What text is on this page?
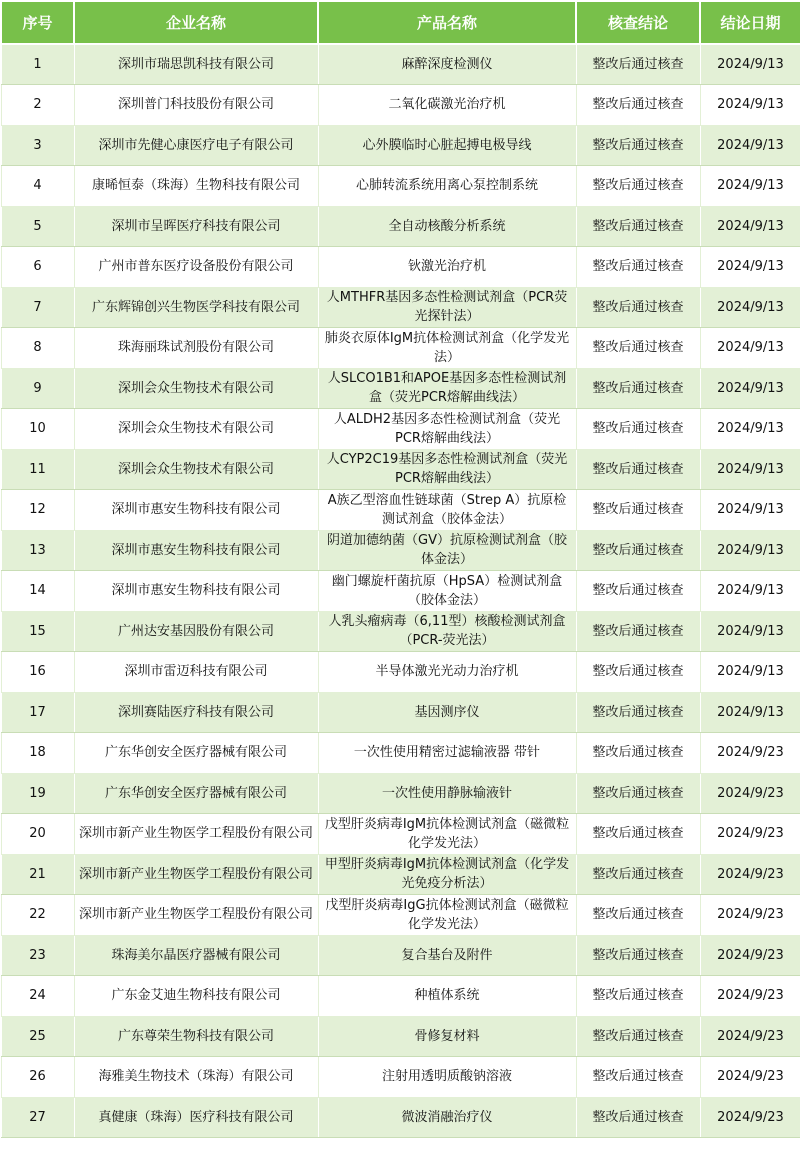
序号	企业名称	产品名称	核查结论	结论日期
1	深圳市瑞思凯科技有限公司	麻醉深度检测仪	整改后通过核查	2024/9/13
2	深圳普门科技股份有限公司	二氧化碳激光治疗机	整改后通过核查	2024/9/13
3	深圳市先健心康医疗电子有限公司	心外膜临时心脏起搏电极导线	整改后通过核查	2024/9/13
4	康晞恒泰（珠海）生物科技有限公司	心肺转流系统用离心泵控制系统	整改后通过核查	2024/9/13
5	深圳市呈晖医疗科技有限公司	全自动核酸分析系统	整改后通过核查	2024/9/13
6	广州市普东医疗设备股份有限公司	钬激光治疗机	整改后通过核查	2024/9/13
7	广东辉锦创兴生物医学科技有限公司	人MTHFR基因多态性检测试剂盒（PCR荧光探针法）	整改后通过核查	2024/9/13
8	珠海丽珠试剂股份有限公司	肺炎衣原体IgM抗体检测试剂盒（化学发光法）	整改后通过核查	2024/9/13
9	深圳会众生物技术有限公司	人SLCO1B1和APOE基因多态性检测试剂盒（荧光PCR熔解曲线法）	整改后通过核查	2024/9/13
10	深圳会众生物技术有限公司	人ALDH2基因多态性检测试剂盒（荧光PCR熔解曲线法）	整改后通过核查	2024/9/13
11	深圳会众生物技术有限公司	人CYP2C19基因多态性检测试剂盒（荧光PCR熔解曲线法）	整改后通过核查	2024/9/13
12	深圳市惠安生物科技有限公司	A族乙型溶血性链球菌（Strep A）抗原检测试剂盒（胶体金法）	整改后通过核查	2024/9/13
13	深圳市惠安生物科技有限公司	阴道加德纳菌（GV）抗原检测试剂盒（胶体金法）	整改后通过核查	2024/9/13
14	深圳市惠安生物科技有限公司	幽门螺旋杆菌抗原（HpSA）检测试剂盒（胶体金法）	整改后通过核查	2024/9/13
15	广州达安基因股份有限公司	人乳头瘤病毒（6,11型）核酸检测试剂盒（PCR-荧光法）	整改后通过核查	2024/9/13
16	深圳市雷迈科技有限公司	半导体激光光动力治疗机	整改后通过核查	2024/9/13
17	深圳赛陆医疗科技有限公司	基因测序仪	整改后通过核查	2024/9/13
18	广东华创安全医疗器械有限公司	一次性使用精密过滤输液器 带针	整改后通过核查	2024/9/23
19	广东华创安全医疗器械有限公司	一次性使用静脉输液针	整改后通过核查	2024/9/23
20	深圳市新产业生物医学工程股份有限公司	戊型肝炎病毒IgM抗体检测试剂盒（磁微粒化学发光法）	整改后通过核查	2024/9/23
21	深圳市新产业生物医学工程股份有限公司	甲型肝炎病毒IgM抗体检测试剂盒（化学发光免疫分析法）	整改后通过核查	2024/9/23
22	深圳市新产业生物医学工程股份有限公司	戊型肝炎病毒IgG抗体检测试剂盒（磁微粒化学发光法）	整改后通过核查	2024/9/23
23	珠海美尔晶医疗器械有限公司	复合基台及附件	整改后通过核查	2024/9/23
24	广东金艾迪生物科技有限公司	种植体系统	整改后通过核查	2024/9/23
25	广东尊荣生物科技有限公司	骨修复材料	整改后通过核查	2024/9/23
26	海雅美生物技术（珠海）有限公司	注射用透明质酸钠溶液	整改后通过核查	2024/9/23
27	真健康（珠海）医疗科技有限公司	微波消融治疗仪	整改后通过核查	2024/9/23
